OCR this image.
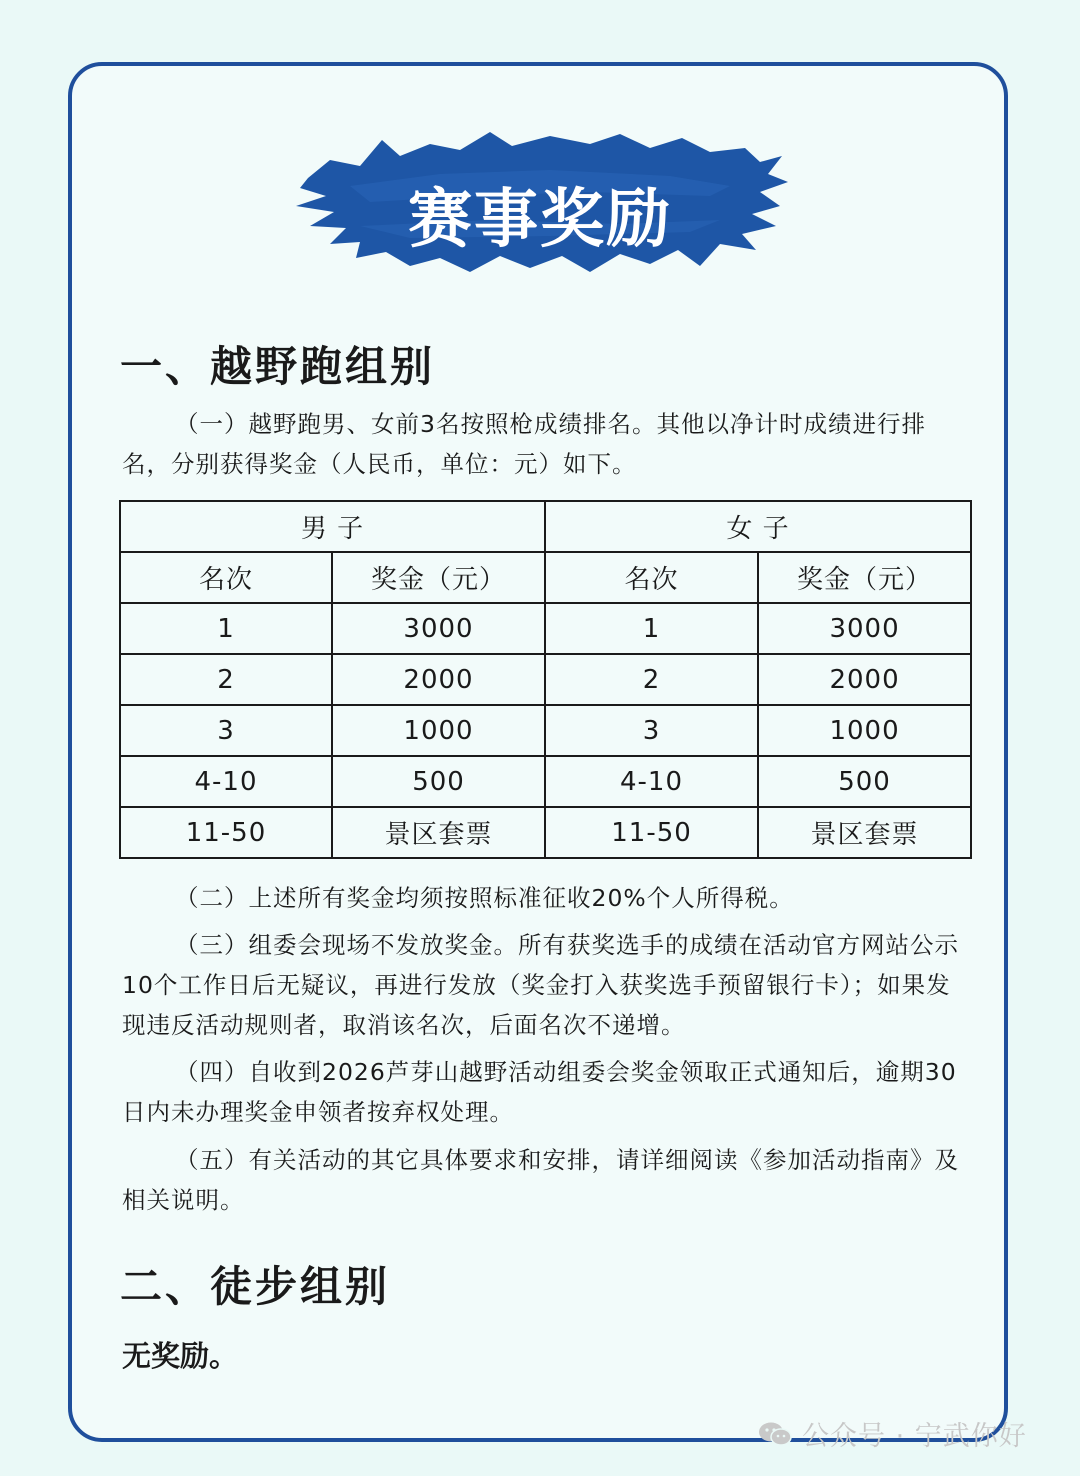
赛事奖励
一、越野跑组别

（一）越野跑男、女前3名按照枪成绩排名。其他以净计时成绩进行排名，分别获得奖金（人民币，单位：元）如下。

男 子		女 子	
名次	奖金（元）	名次	奖金（元）
1	3000	1	3000
2	2000	2	2000
3	1000	3	1000
4-10	500	4-10	500
11-50	景区套票	11-50	景区套票

（二）上述所有奖金均须按照标准征收20%个人所得税。

（三）组委会现场不发放奖金。所有获奖选手的成绩在活动官方网站公示10个工作日后无疑议，再进行发放（奖金打入获奖选手预留银行卡）；如果发现违反活动规则者，取消该名次，后面名次不递增。

（四）自收到2026芦芽山越野活动组委会奖金领取正式通知后，逾期30日内未办理奖金申领者按弃权处理。

（五）有关活动的其它具体要求和安排，请详细阅读《参加活动指南》及相关说明。

二、徒步组别
无奖励。
公众号 · 宁武你好
